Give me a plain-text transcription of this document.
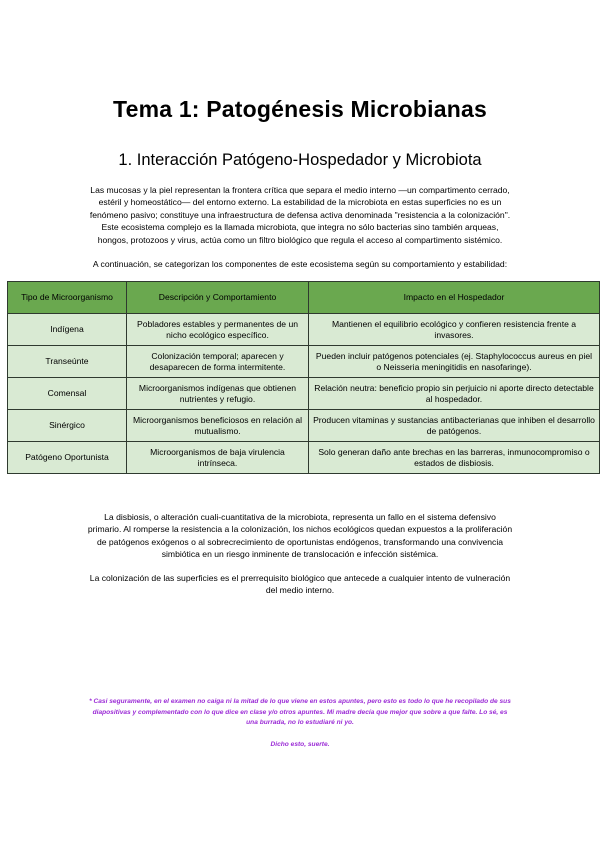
Tema 1: Patogénesis Microbianas
1. Interacción Patógeno-Hospedador y Microbiota
Las mucosas y la piel representan la frontera crítica que separa el medio interno —un compartimento cerrado,
estéril y homeostático— del entorno externo. La estabilidad de la microbiota en estas superficies no es un
fenómeno pasivo; constituye una infraestructura de defensa activa denominada "resistencia a la colonización".
Este ecosistema complejo es la llamada microbiota, que integra no sólo bacterias sino también arqueas,
hongos, protozoos y virus, actúa como un filtro biológico que regula el acceso al compartimento sistémico.
A continuación, se categorizan los componentes de este ecosistema según su comportamiento y estabilidad:
Tipo de Microorganismo	Descripción y Comportamiento	Impacto en el Hospedador
Indígena	Pobladores estables y permanentes de un nicho ecológico específico.	Mantienen el equilibrio ecológico y confieren resistencia frente a invasores.
Transeúnte	Colonización temporal; aparecen y desaparecen de forma intermitente.	Pueden incluir patógenos potenciales (ej. Staphylococcus aureus en piel o Neisseria meningitidis en nasofaringe).
Comensal	Microorganismos indígenas que obtienen nutrientes y refugio.	Relación neutra: beneficio propio sin perjuicio ni aporte directo detectable al hospedador.
Sinérgico	Microorganismos beneficiosos en relación al mutualismo.	Producen vitaminas y sustancias antibacterianas que inhiben el desarrollo de patógenos.
Patógeno Oportunista	Microorganismos de baja virulencia intrínseca.	Solo generan daño ante brechas en las barreras, inmunocompromiso o estados de disbiosis.
La disbiosis, o alteración cuali-cuantitativa de la microbiota, representa un fallo en el sistema defensivo
primario. Al romperse la resistencia a la colonización, los nichos ecológicos quedan expuestos a la proliferación
de patógenos exógenos o al sobrecrecimiento de oportunistas endógenos, transformando una convivencia
simbiótica en un riesgo inminente de translocación e infección sistémica.
La colonización de las superficies es el prerrequisito biológico que antecede a cualquier intento de vulneración
del medio interno.
* Casi seguramente, en el examen no caiga ni la mitad de lo que viene en estos apuntes, pero esto es todo lo que he recopilado de sus
diapositivas y complementado con lo que dice en clase y/o otros apuntes. Mi madre decía que mejor que sobre a que falte. Lo sé, es
una burrada, no lo estudiaré ni yo.
Dicho esto, suerte.
